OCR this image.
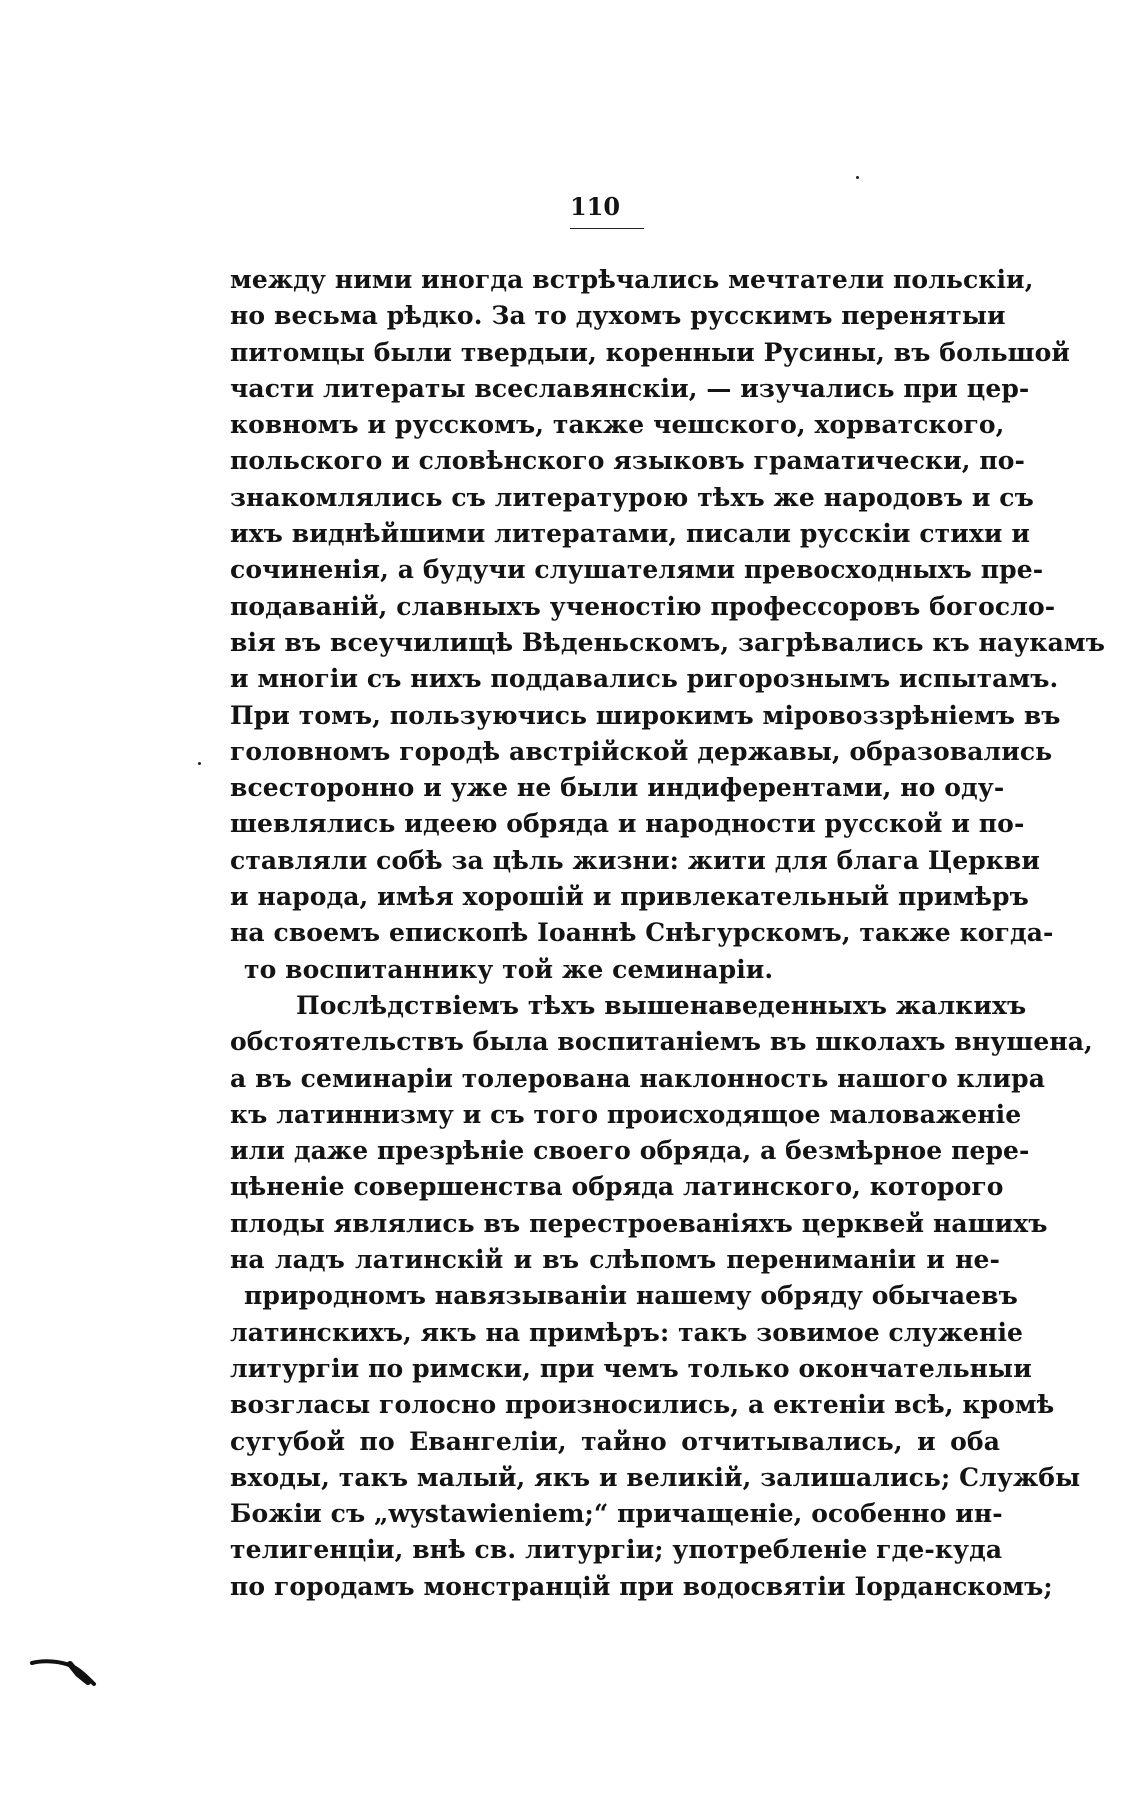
110
между ними иногда встрѣчались мечтатели польскіи,
но весьма рѣдко. За то духомъ русскимъ перенятыи
питомцы были твердыи, коренныи Русины, въ большой
части литераты всеславянскіи, — изучались при цер-
ковномъ и русскомъ, также чешского, хорватского,
польского и словѣнского языковъ граматически, по-
знакомлялись съ литературою тѣхъ же народовъ и съ
ихъ виднѣйшими литератами, писали русскіи стихи и
сочиненія, а будучи слушателями превосходныхъ пре-
подаваній, славныхъ ученостію профессоровъ богосло-
вія въ всеучилищѣ Вѣденьскомъ, загрѣвались къ наукамъ
и многіи съ нихъ поддавались ригорознымъ испытамъ.
При томъ, пользуючись широкимъ міровоззрѣніемъ въ
головномъ городѣ австрійской державы, образовались
всесторонно и уже не были индиферентами, но оду-
шевлялись идеею обряда и народности русской и по-
ставляли собѣ за цѣль жизни: жити для блага Церкви
и народа, имѣя хорошій и привлекательный примѣръ
на своемъ епископѣ Іоаннѣ Снѣгурскомъ, также когда-
то воспитаннику той же семинаріи.
Послѣдствіемъ тѣхъ вышенаведенныхъ жалкихъ
обстоятельствъ была воспитаніемъ въ школахъ внушена,
а въ семинаріи толерована наклонность нашого клира
къ латиннизму и съ того происходящое маловаженіе
или даже презрѣніе своего обряда, а безмѣрное пере-
цѣненіе совершенства обряда латинского, которого
плоды являлись въ перестроеваніяхъ церквей нашихъ
на ладъ латинскій и въ слѣпомъ перениманіи и не-
природномъ навязываніи нашему обряду обычаевъ
латинскихъ, якъ на примѣръ: такъ зовимое служеніе
литургіи по римски, при чемъ только окончательныи
возгласы голосно произносились, а ектеніи всѣ, кромѣ
сугубой по Евангеліи, тайно отчитывались, и оба
входы, такъ малый, якъ и великій, залишались; Службы
Божіи съ „wystawieniem;“ причащеніе, особенно ин-
телигенціи, внѣ св. литургіи; употребленіе где-куда
по городамъ монстранцій при водосвятіи Іорданскомъ;
